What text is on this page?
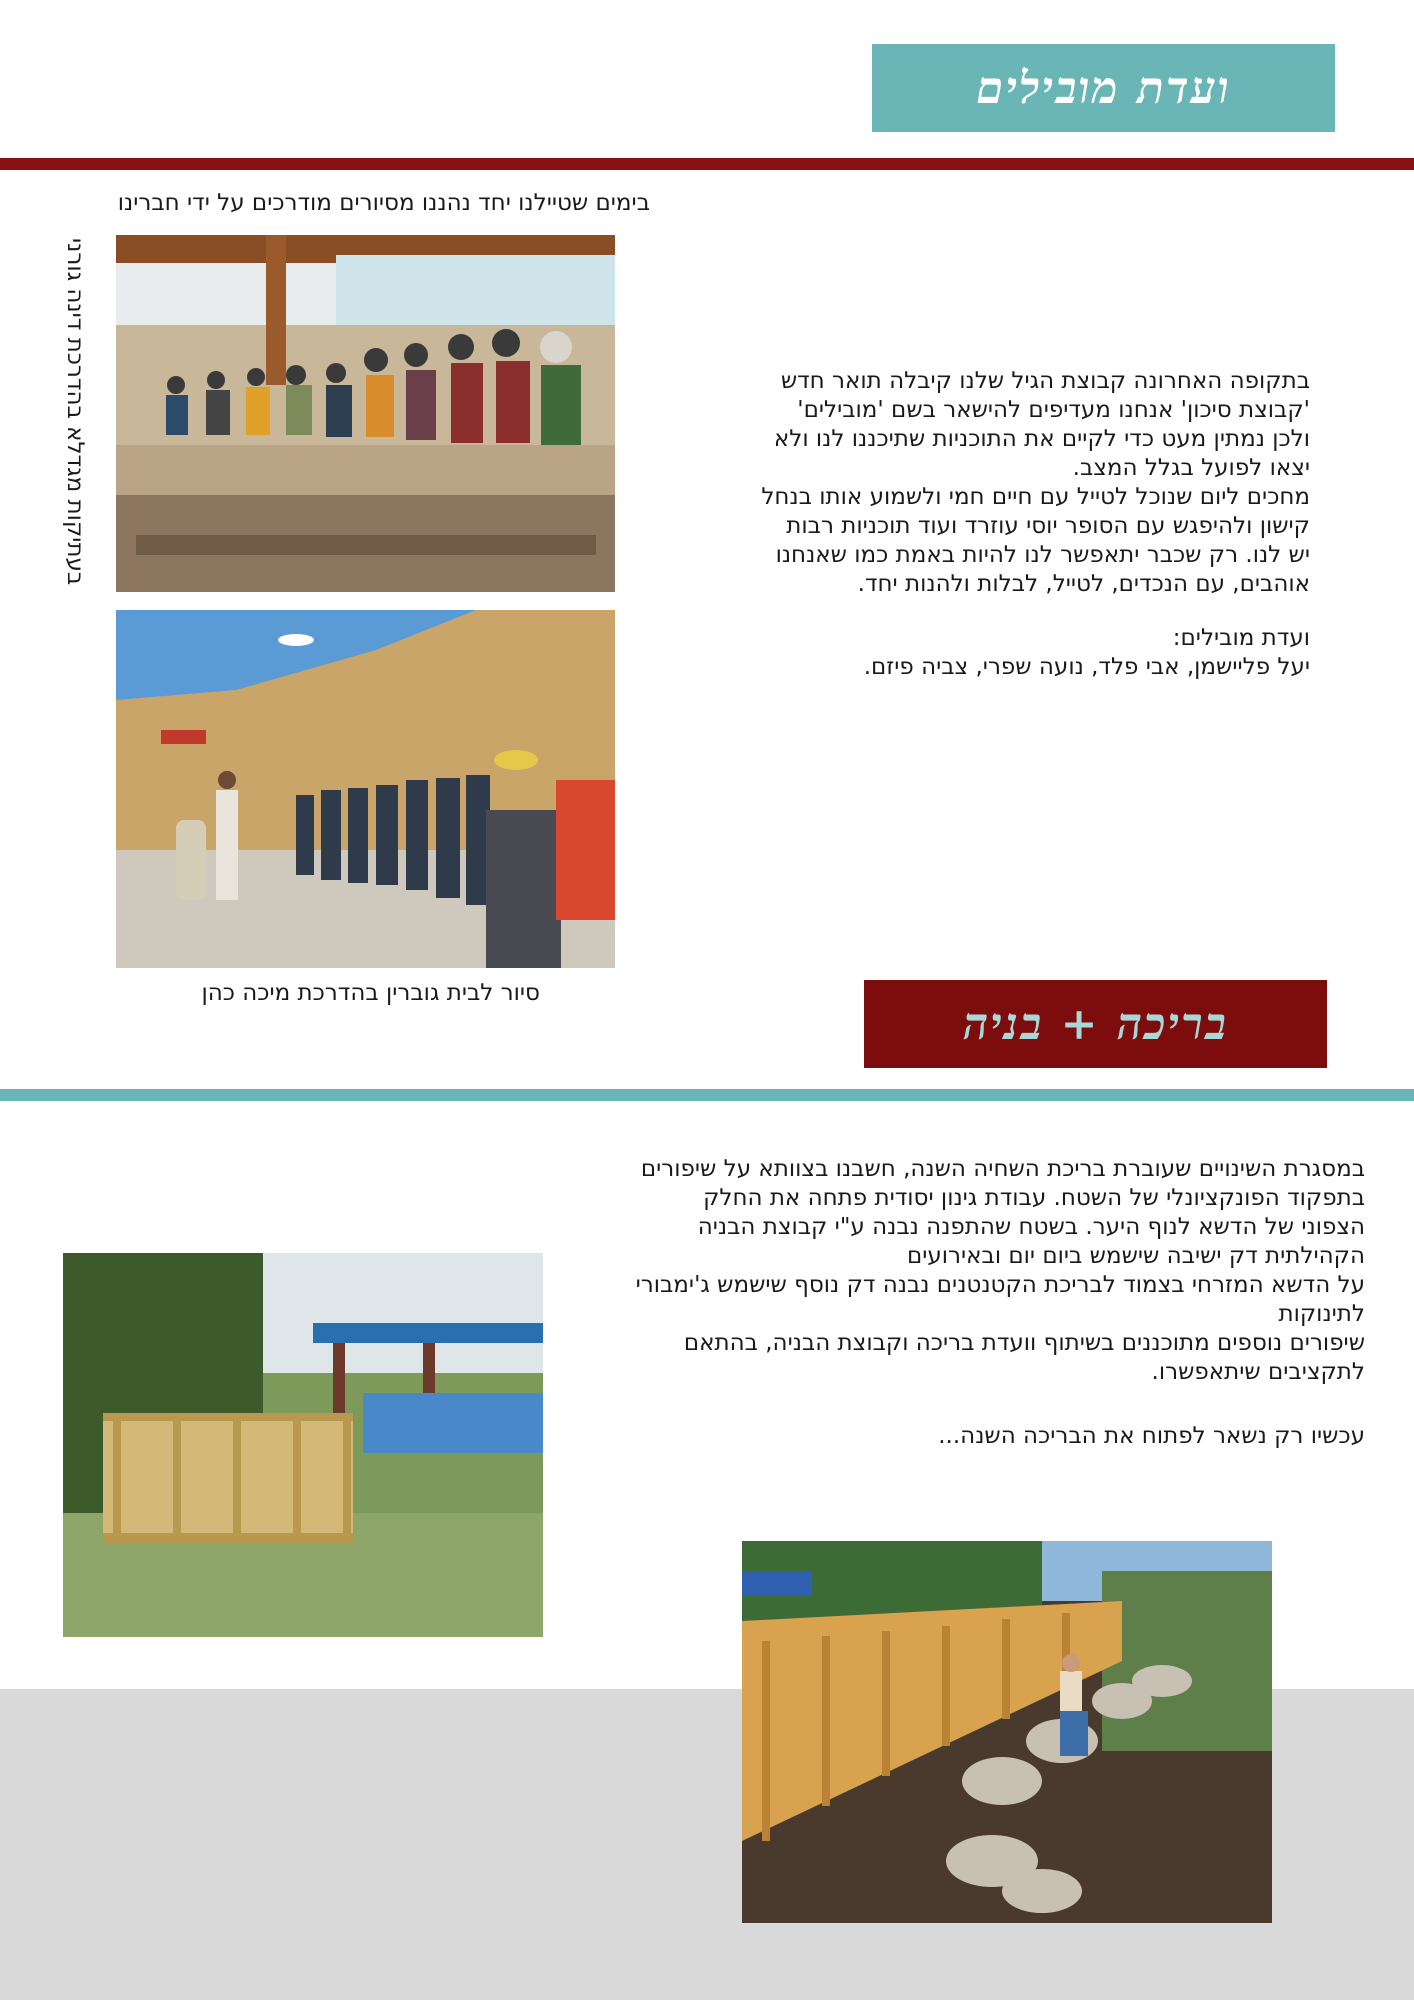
ועדת מובילים
בימים שטיילנו יחד נהננו מסיורים מודרכים על ידי חברינו
בעתיקות מגדלא בהדרכת דינה גורני
סיור לבית גוברין בהדרכת מיכה כהן
בתקופה האחרונה קבוצת הגיל שלנו קיבלה תואר חדש
'קבוצת סיכון' אנחנו מעדיפים להישאר בשם 'מובילים'
ולכן נמתין מעט כדי לקיים את התוכניות שתיכננו לנו ולא
יצאו לפועל בגלל המצב.
מחכים ליום שנוכל לטייל עם חיים חמי ולשמוע אותו בנחל
קישון ולהיפגש עם הסופר יוסי עוזרד ועוד תוכניות רבות
יש לנו. רק שכבר יתאפשר לנו להיות באמת כמו שאנחנו
אוהבים, עם הנכדים, לטייל, לבלות ולהנות יחד.
ועדת מובילים:
יעל פליישמן, אבי פלד, נועה שפרי, צביה פיזם.
בריכה + בניה
במסגרת השינויים שעוברת בריכת השחיה השנה, חשבנו בצוותא על שיפורים
בתפקוד הפונקציונלי של השטח. עבודת גינון יסודית פתחה את החלק
הצפוני של הדשא לנוף היער. בשטח שהתפנה נבנה ע"י קבוצת הבניה
הקהילתית דק ישיבה שישמש ביום יום ובאירועים
על הדשא המזרחי בצמוד לבריכת הקטנטנים נבנה דק נוסף שישמש ג'ימבורי
לתינוקות
שיפורים נוספים מתוכננים בשיתוף וועדת בריכה וקבוצת הבניה, בהתאם
לתקציבים שיתאפשרו.
עכשיו רק נשאר לפתוח את הבריכה השנה...
